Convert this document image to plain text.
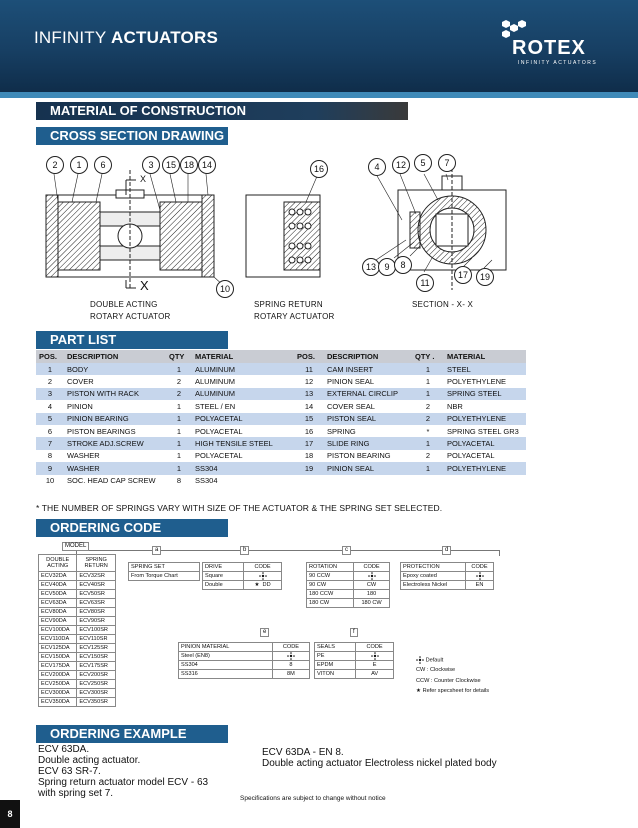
INFINITY ACTUATORS	ROTEX
INFINITY ACTUATORS
MATERIAL OF CONSTRUCTION
CROSS SECTION DRAWING
2	1	6	3	15 18 14
10
16	4	12	5	7
13 9	8
11
17	19
X
X
DOUBLE ACTING
ROTARY ACTUATOR
SPRING RETURN
ROTARY ACTUATOR
SECTION - X- X
PART LIST
POS.	DESCRIPTION	QTY	MATERIAL	POS.	DESCRIPTION	QTY .	MATERIAL
1	BODY	1	ALUMINUM	11	CAM INSERT	1	STEEL
2	COVER	2	ALUMINUM	12	PINION SEAL	1	POLYETHYLENE
3	PISTON WITH RACK	2	ALUMINUM	13	EXTERNAL CIRCLIP	1	SPRING STEEL
4	PINION	1	STEEL / EN	14	COVER SEAL	2	NBR
5	PINION BEARING	1	POLYACETAL	15	PISTON SEAL	2	POLYETHYLENE
6	PISTON BEARINGS	1	POLYACETAL	16	SPRING	*	SPRING STEEL GR3
7	STROKE ADJ.SCREW	1	HIGH TENSILE STEEL	17	SLIDE RING	1	POLYACETAL
8	WASHER	1	POLYACETAL	18	PISTON BEARING	2	POLYACETAL
9	WASHER	1	SS304	19	PINION SEAL	1	POLYETHYLENE
10	SOC. HEAD CAP SCREW	8	SS304				
* THE NUMBER OF SPRINGS VARY WITH SIZE OF THE ACTUATOR & THE SPRING SET SELECTED.
ORDERING CODE
MODEL
a	b	c	d
e	f
DOUBLE ACTING	SPRING RETURN
ECV32DA	ECV32SR
ECV40DA	ECV40SR
ECV50DA	ECV50SR
ECV63DA	ECV63SR
ECV80DA	ECV80SR
ECV90DA	ECV90SR
ECV100DA	ECV100SR
ECV110DA	ECV110SR
ECV125DA	ECV125SR
ECV150DA	ECV150SR
ECV175DA	ECV175SR
ECV200DA	ECV200SR
ECV250DA	ECV250SR
ECV300DA	ECV300SR
ECV350DA	ECV350SR
SPRING SET
From Torque Chart
DRIVE	CODE
Square	
Double	★ DD
ROTATION	CODE
90 CCW	
90 CW	CW
180 CCW	180
180 CW	180 CW
PROTECTION	CODE
Epoxy coated	
Electroless Nickel	EN
PINION MATERIAL	CODE
Steel (EN8)	
SS304	8
SS316	8M
SEALS	CODE
PE	
EPDM	E
VITON	AV
Default
CW : Clockwise
CCW : Counter Clockwise
★ Refer specsheet for details
ORDERING EXAMPLE
ECV 63DA.
Double acting actuator.
ECV 63 SR-7.
Spring return actuator model ECV - 63
with spring set 7.
ECV 63DA - EN 8.
Double acting actuator Electroless nickel plated body
Specifications are subject to change without notice
8
